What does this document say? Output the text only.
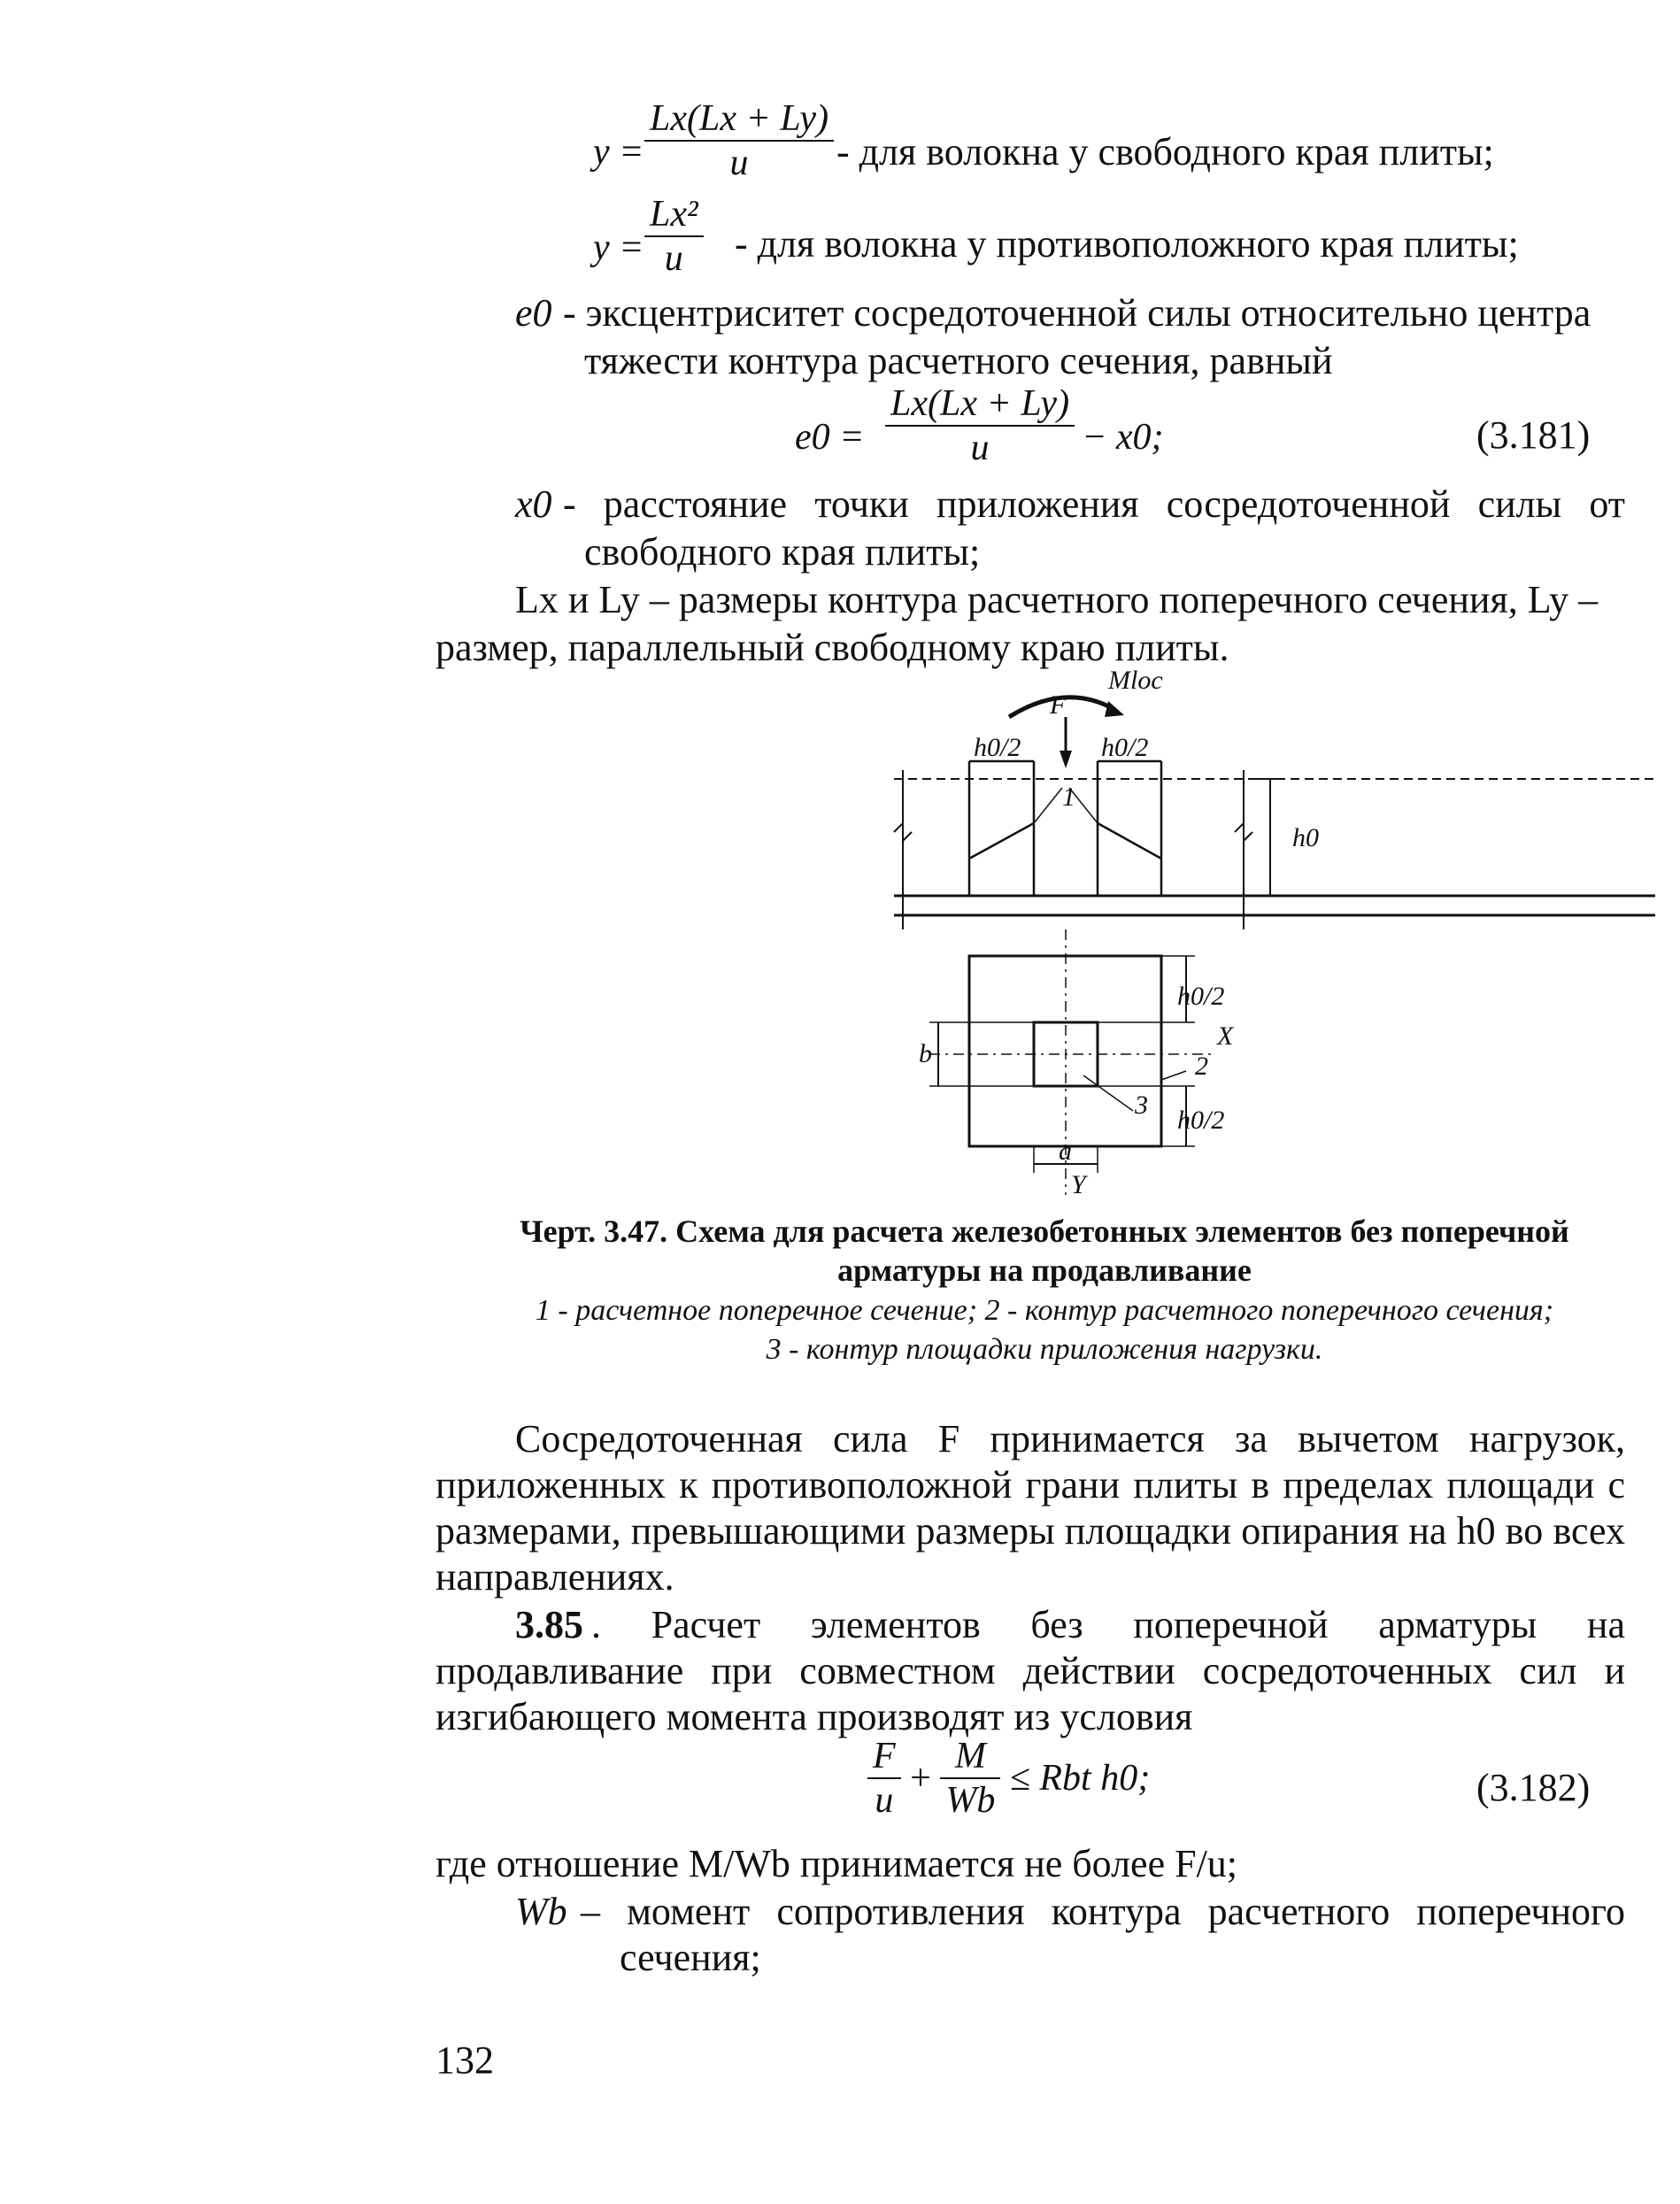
$y = \frac{Lx(Lx + Ly)}{u}$ - для волокна у свободного края плиты;
$y = \frac{\text{Lx²}}{u}$ - для волокна у противоположного края плиты;
e0 - эксцентриситет сосредоточенной силы относительно центра
тяжести контура расчетного сечения, равный
$e0 = \frac{Lx(Lx + Ly)}{u} - x0$;	(3.181)
x0 - расстояние точки приложения сосредоточенной силы от
свободного края плиты;
Lx и Ly – размеры контура расчетного поперечного сечения, Ly –
размер, параллельный свободному краю плиты.
Mloc
F
h0/2	h0/2
1
h0
h0/2
X
2
h0/2
3
a
Y
b
Черт. 3.47. Схема для расчета железобетонных элементов без поперечной
арматуры на продавливание
1 - расчетное поперечное сечение; 2 - контур расчетного поперечного сечения;
3 - контур площадки приложения нагрузки.
Сосредоточенная сила F принимается за вычетом нагрузок,
приложенных к противоположной грани плиты в пределах площади с
размерами, превышающими размеры площадки опирания на h0 во всех
направлениях.
3.85 . Расчет элементов без поперечной арматуры на
продавливание при совместном действии сосредоточенных сил и
изгибающего момента производят из условия
$\frac{F}{u} + \frac{M}{Wb}$ ≤ Rbt h0;	(3.182)
где отношение M/Wb принимается не более F/u;
Wb – момент сопротивления контура расчетного поперечного
сечения;
132
